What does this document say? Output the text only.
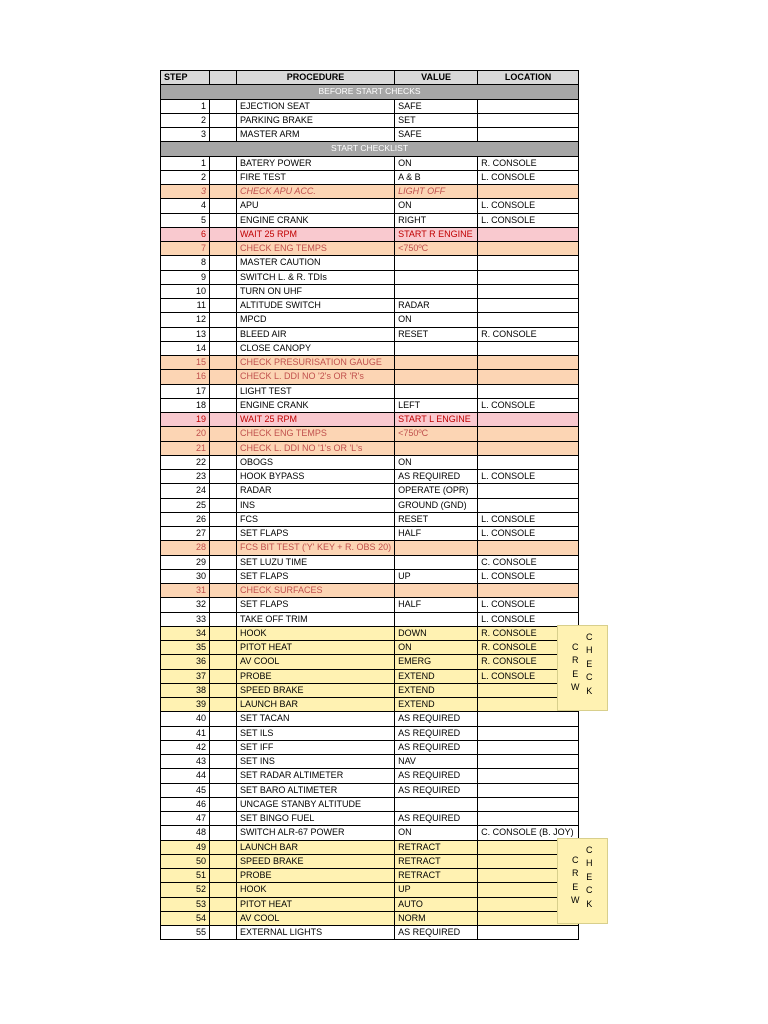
STEP		PROCEDURE	VALUE	LOCATION
BEFORE START CHECKS				
1		EJECTION SEAT	SAFE	
2		PARKING BRAKE	SET	
3		MASTER ARM	SAFE	
START CHECKLIST				
1		BATERY POWER	ON	R. CONSOLE
2		FIRE TEST	A & B	L. CONSOLE
3		CHECK APU ACC.	LIGHT OFF	
4		APU	ON	L. CONSOLE
5		ENGINE CRANK	RIGHT	L. CONSOLE
6		WAIT 25 RPM	START R ENGINE	
7		CHECK ENG TEMPS	<750ºC	
8		MASTER CAUTION		
9		SWITCH L. & R. TDIs		
10		TURN ON UHF		
11		ALTITUDE SWITCH	RADAR	
12		MPCD	ON	
13		BLEED AIR	RESET	R. CONSOLE
14		CLOSE CANOPY		
15		CHECK PRESURISATION GAUGE		
16		CHECK L. DDI NO '2's OR 'R's		
17		LIGHT TEST		
18		ENGINE CRANK	LEFT	L. CONSOLE
19		WAIT 25 RPM	START L ENGINE	
20		CHECK ENG TEMPS	<750ºC	
21		CHECK L. DDI NO '1's OR 'L's		
22		OBOGS	ON	
23		HOOK BYPASS	AS REQUIRED	L. CONSOLE
24		RADAR	OPERATE (OPR)	
25		INS	GROUND (GND)	
26		FCS	RESET	L. CONSOLE
27		SET FLAPS	HALF	L. CONSOLE
28		FCS BIT TEST ('Y' KEY + R. OBS 20)		
29		SET LUZU TIME		C. CONSOLE
30		SET FLAPS	UP	L. CONSOLE
31		CHECK SURFACES		
32		SET FLAPS	HALF	L. CONSOLE
33		TAKE OFF TRIM		L. CONSOLE
34		HOOK	DOWN	R. CONSOLE
35		PITOT HEAT	ON	R. CONSOLE
36		AV COOL	EMERG	R. CONSOLE
37		PROBE	EXTEND	L. CONSOLE
38		SPEED BRAKE	EXTEND	
39		LAUNCH BAR	EXTEND	
40		SET TACAN	AS REQUIRED	
41		SET ILS	AS REQUIRED	
42		SET IFF	AS REQUIRED	
43		SET INS	NAV	
44		SET RADAR ALTIMETER	AS REQUIRED	
45		SET BARO ALTIMETER	AS REQUIRED	
46		UNCAGE STANBY ALTITUDE		
47		SET BINGO FUEL	AS REQUIRED	
48		SWITCH ALR-67 POWER	ON	C. CONSOLE (B. JOY)
49		LAUNCH BAR	RETRACT	
50		SPEED BRAKE	RETRACT	
51		PROBE	RETRACT	
52		HOOK	UP	
53		PITOT HEAT	AUTO	
54		AV COOL	NORM	
55		EXTERNAL LIGHTS	AS REQUIRED	
C
R
E
W
C
H
E
C
K
C
R
E
W
C
H
E
C
K
